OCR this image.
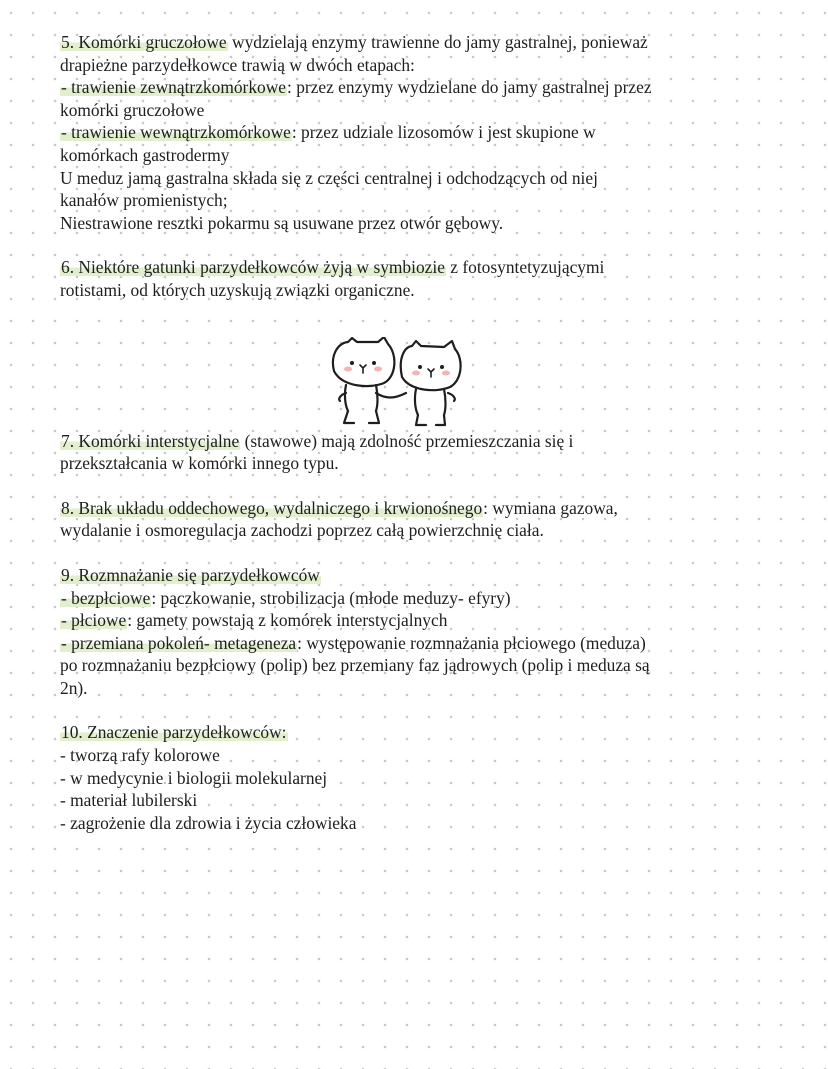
5. Komórki gruczołowe wydzielają enzymy trawienne do jamy gastralnej, ponieważ
drapieżne parzydełkowce trawią w dwóch etapach:
- trawienie zewnątrzkomórkowe: przez enzymy wydzielane do jamy gastralnej przez
komórki gruczołowe
- trawienie wewnątrzkomórkowe: przez udziale lizosomów i jest skupione w
komórkach gastrodermy
U meduz jamą gastralna składa się z części centralnej i odchodzących od niej
kanałów promienistych;
Niestrawione resztki pokarmu są usuwane przez otwór gębowy.
6. Niektóre gatunki parzydełkowców żyją w symbiozie z fotosyntetyzującymi
rotistami, od których uzyskują związki organiczne.
7. Komórki interstycjalne (stawowe) mają zdolność przemieszczania się i
przekształcania w komórki innego typu.
8. Brak układu oddechowego, wydalniczego i krwionośnego: wymiana gazowa,
wydalanie i osmoregulacja zachodzi poprzez całą powierzchnię ciała.
9. Rozmnażanie się parzydełkowców
- bezpłciowe: pączkowanie, strobilizacja (młode meduzy- efyry)
- płciowe: gamety powstają z komórek interstycjalnych
- przemiana pokoleń- metageneza: występowanie rozmnażania płciowego (meduza)
po rozmnażaniu bezpłciowy (polip) bez przemiany faz jądrowych (polip i meduza są
2n).
10. Znaczenie parzydełkowców:
- tworzą rafy kolorowe
- w medycynie i biologii molekularnej
- materiał lubilerski
- zagrożenie dla zdrowia i życia człowieka
